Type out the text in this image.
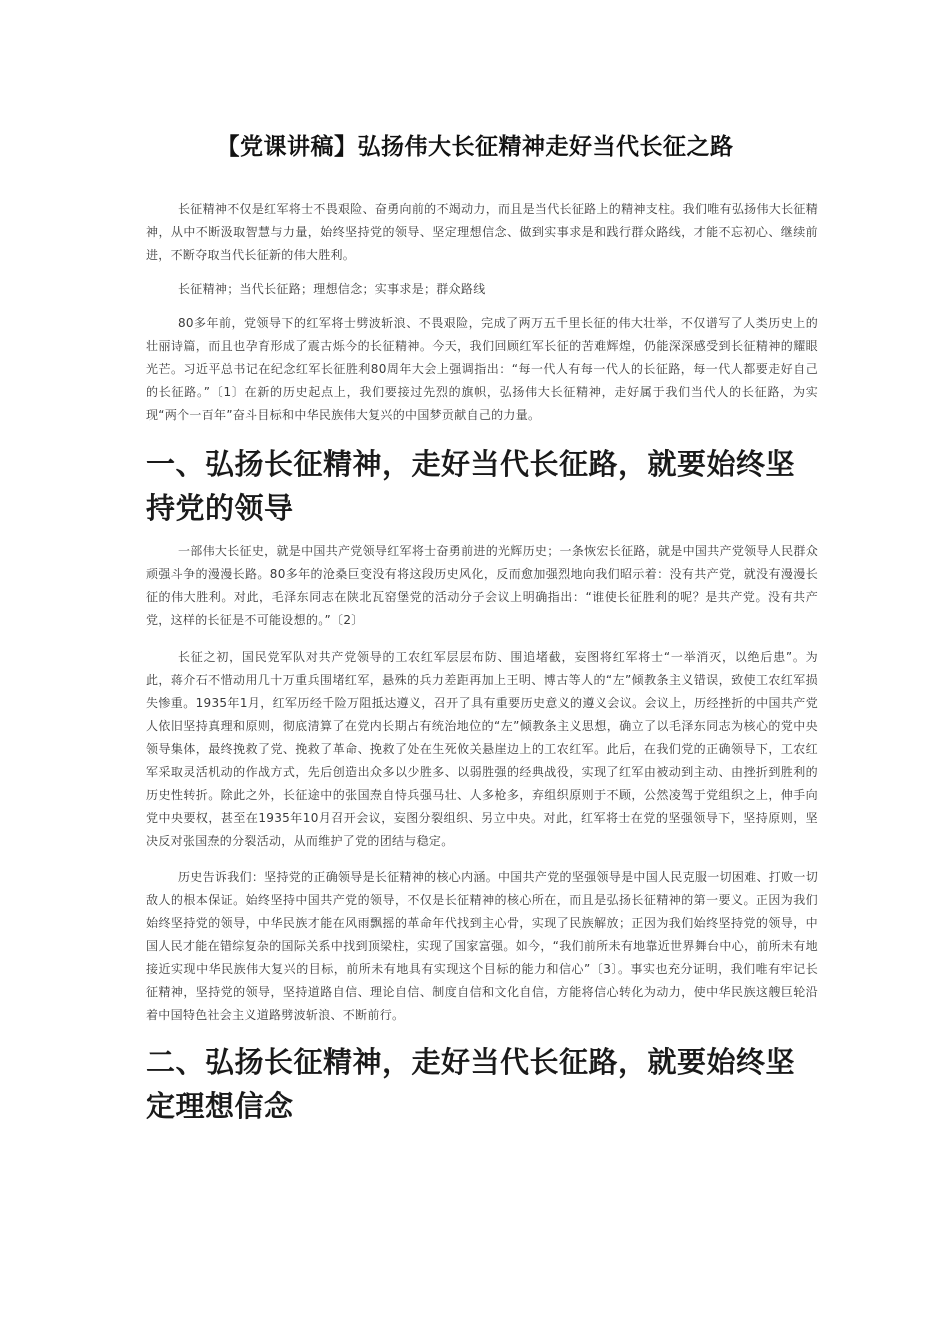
【党课讲稿】弘扬伟大长征精神走好当代长征之路

长征精神不仅是红军将士不畏艰险、奋勇向前的不竭动力，而且是当代长征路上的精神支柱。我们唯有弘扬伟大长征精神，从中不断汲取智慧与力量，始终坚持党的领导、坚定理想信念、做到实事求是和践行群众路线，才能不忘初心、继续前进，不断夺取当代长征新的伟大胜利。

长征精神；当代长征路；理想信念；实事求是；群众路线

80多年前，党领导下的红军将士劈波斩浪、不畏艰险，完成了两万五千里长征的伟大壮举，不仅谱写了人类历史上的壮丽诗篇，而且也孕育形成了震古烁今的长征精神。今天，我们回顾红军长征的苦难辉煌，仍能深深感受到长征精神的耀眼光芒。习近平总书记在纪念红军长征胜利80周年大会上强调指出：“每一代人有每一代人的长征路，每一代人都要走好自己的长征路。”〔1〕在新的历史起点上，我们要接过先烈的旗帜，弘扬伟大长征精神，走好属于我们当代人的长征路，为实现“两个一百年”奋斗目标和中华民族伟大复兴的中国梦贡献自己的力量。

一、弘扬长征精神，走好当代长征路，就要始终坚持党的领导

一部伟大长征史，就是中国共产党领导红军将士奋勇前进的光辉历史；一条恢宏长征路，就是中国共产党领导人民群众顽强斗争的漫漫长路。80多年的沧桑巨变没有将这段历史风化，反而愈加强烈地向我们昭示着：没有共产党，就没有漫漫长征的伟大胜利。对此，毛泽东同志在陕北瓦窑堡党的活动分子会议上明确指出：“谁使长征胜利的呢？是共产党。没有共产党，这样的长征是不可能设想的。”〔2〕

长征之初，国民党军队对共产党领导的工农红军层层布防、围追堵截，妄图将红军将士“一举消灭，以绝后患”。为此，蒋介石不惜动用几十万重兵围堵红军，悬殊的兵力差距再加上王明、博古等人的“左”倾教条主义错误，致使工农红军损失惨重。1935年1月，红军历经千险万阻抵达遵义，召开了具有重要历史意义的遵义会议。会议上，历经挫折的中国共产党人依旧坚持真理和原则，彻底清算了在党内长期占有统治地位的“左”倾教条主义思想，确立了以毛泽东同志为核心的党中央领导集体，最终挽救了党、挽救了革命、挽救了处在生死攸关悬崖边上的工农红军。此后，在我们党的正确领导下，工农红军采取灵活机动的作战方式，先后创造出众多以少胜多、以弱胜强的经典战役，实现了红军由被动到主动、由挫折到胜利的历史性转折。除此之外，长征途中的张国焘自恃兵强马壮、人多枪多，弃组织原则于不顾，公然凌驾于党组织之上，伸手向党中央要权，甚至在1935年10月召开会议，妄图分裂组织、另立中央。对此，红军将士在党的坚强领导下，坚持原则，坚决反对张国焘的分裂活动，从而维护了党的团结与稳定。

历史告诉我们：坚持党的正确领导是长征精神的核心内涵。中国共产党的坚强领导是中国人民克服一切困难、打败一切敌人的根本保证。始终坚持中国共产党的领导，不仅是长征精神的核心所在，而且是弘扬长征精神的第一要义。正因为我们始终坚持党的领导，中华民族才能在风雨飘摇的革命年代找到主心骨，实现了民族解放；正因为我们始终坚持党的领导，中国人民才能在错综复杂的国际关系中找到顶梁柱，实现了国家富强。如今，“我们前所未有地靠近世界舞台中心，前所未有地接近实现中华民族伟大复兴的目标，前所未有地具有实现这个目标的能力和信心”〔3〕。事实也充分证明，我们唯有牢记长征精神，坚持党的领导，坚持道路自信、理论自信、制度自信和文化自信，方能将信心转化为动力，使中华民族这艘巨轮沿着中国特色社会主义道路劈波斩浪、不断前行。

二、弘扬长征精神，走好当代长征路，就要始终坚定理想信念
